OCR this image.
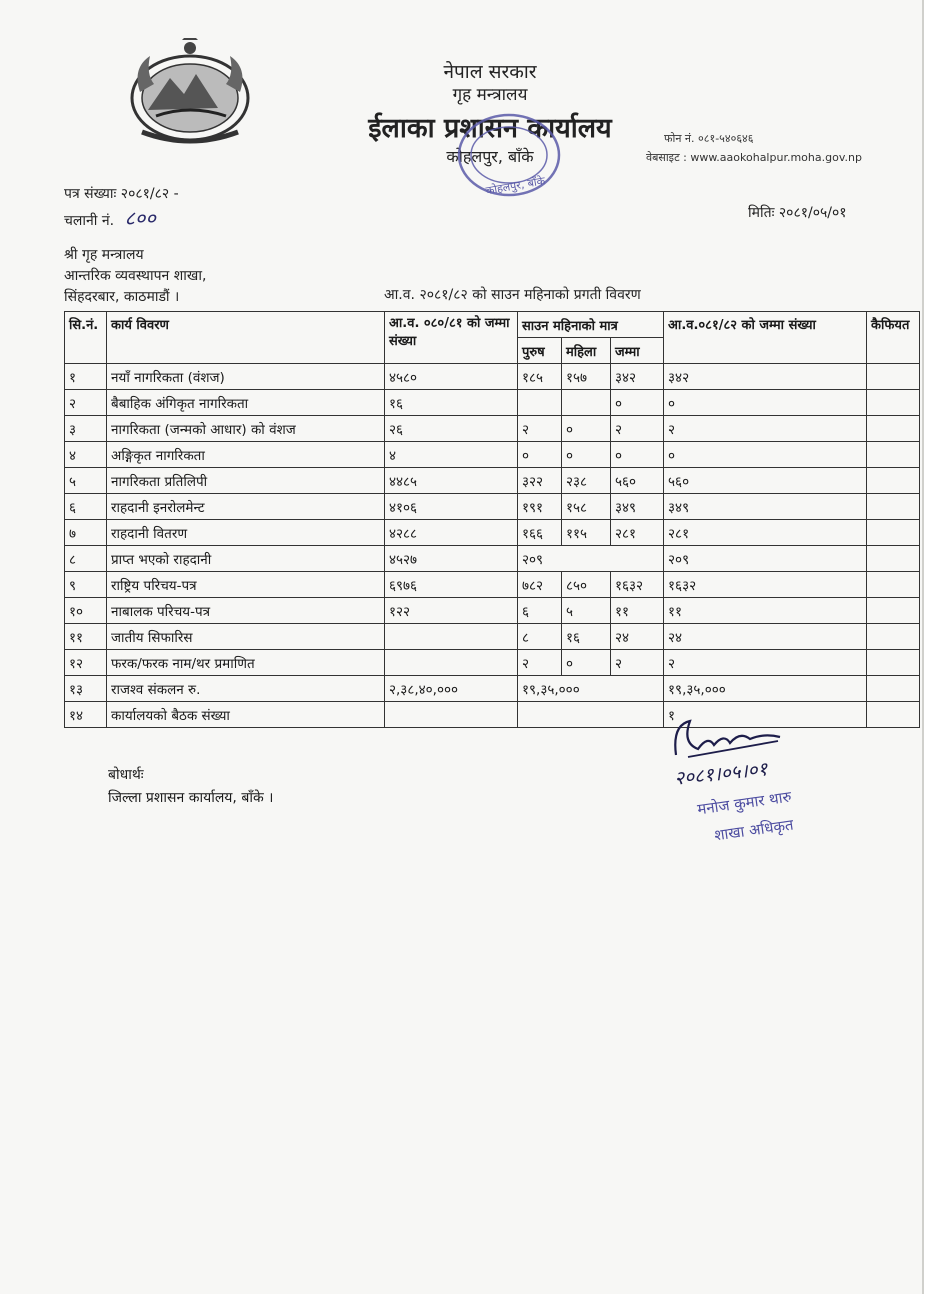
नेपाल सरकार
गृह मन्त्रालय
ईलाका प्रशासन कार्यालय
कोहलपुर, बाँके
फोन नं. ०८१-५४०६४६
वेबसाइट : www.aaokohalpur.moha.gov.np
कोहलपुर, बाँके
पत्र संख्याः २०८१/८२ -
चलानी नं. ८००	मितिः २०८१/०५/०१
श्री गृह मन्त्रालय
आन्तरिक व्यवस्थापन शाखा,
सिंहदरबार, काठमाडौं ।	आ.व. २०८१/८२ को साउन महिनाको प्रगती विवरण
सि.नं.	कार्य विवरण	आ.व. ०८०/८१ को जम्मा संख्या	साउन महिनाको मात्र			आ.व.०८१/८२ को जम्मा संख्या	कैफियत
			पुरुष	महिला	जम्मा		
१	नयाँ नागरिकता (वंशज)	४५८०	१८५	१५७	३४२	३४२	
२	बैबाहिक अंगिकृत नागरिकता	१६			०	०	
३	नागरिकता (जन्मको आधार) को वंशज	२६	२	०	२	२	
४	अङ्गिकृत नागरिकता	४	०	०	०	०	
५	नागरिकता प्रतिलिपी	४४८५	३२२	२३८	५६०	५६०	
६	राहदानी इनरोलमेन्ट	४१०६	१९१	१५८	३४९	३४९	
७	राहदानी वितरण	४२८८	१६६	११५	२८१	२८१	
८	प्राप्त भएको राहदानी	४५२७	२०९			२०९	
९	राष्ट्रिय परिचय-पत्र	६९७६	७८२	८५०	१६३२	१६३२	
१०	नाबालक परिचय-पत्र	१२२	६	५	११	११	
११	जातीय सिफारिस		८	१६	२४	२४	
१२	फरक/फरक नाम/थर प्रमाणित		२	०	२	२	
१३	राजश्व संकलन रु.	२,३८,४०,०००	१९,३५,०००			१९,३५,०००	
१४	कार्यालयको बैठक संख्या					१	
बोधार्थः
जिल्ला प्रशासन कार्यालय, बाँके ।
२०८१।०५।०१
मनोज कुमार थारु
शाखा अधिकृत
